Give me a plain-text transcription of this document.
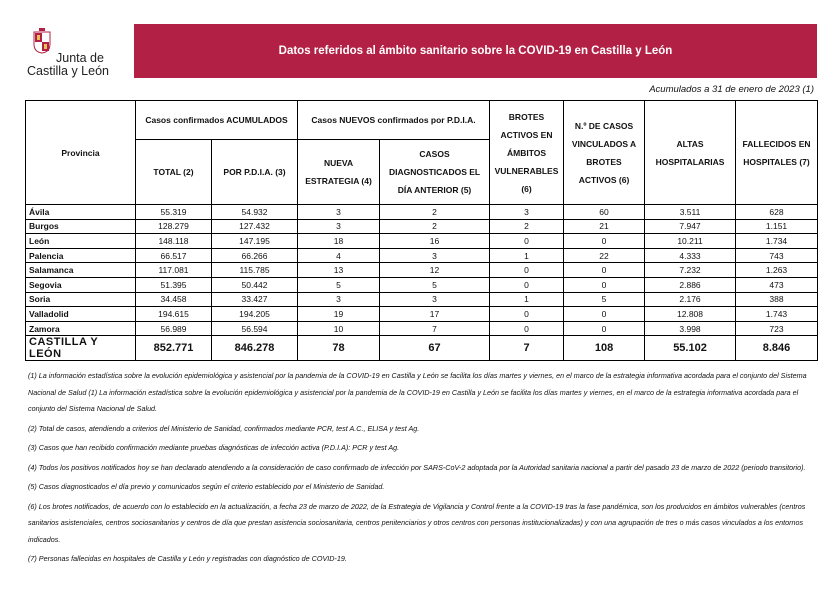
Junta de
Castilla y León
Datos referidos al ámbito sanitario sobre la COVID-19 en Castilla y León
Acumulados a 31 de enero de 2023 (1)
Provincia	Casos confirmados ACUMULADOS		Casos NUEVOS confirmados por P.D.I.A.		BROTES ACTIVOS EN ÁMBITOS VULNERABLES (6)	N.º DE CASOS VINCULADOS A BROTES ACTIVOS (6)	ALTAS HOSPITALARIAS	FALLECIDOS EN HOSPITALES (7)
	TOTAL (2)	POR P.D.I.A. (3)	NUEVA ESTRATEGIA (4)	CASOS DIAGNOSTICADOS EL DÍA ANTERIOR (5)				
Ávila	55.319	54.932	3	2	3	60	3.511	628
Burgos	128.279	127.432	3	2	2	21	7.947	1.151
León	148.118	147.195	18	16	0	0	10.211	1.734
Palencia	66.517	66.266	4	3	1	22	4.333	743
Salamanca	117.081	115.785	13	12	0	0	7.232	1.263
Segovia	51.395	50.442	5	5	0	0	2.886	473
Soria	34.458	33.427	3	3	1	5	2.176	388
Valladolid	194.615	194.205	19	17	0	0	12.808	1.743
Zamora	56.989	56.594	10	7	0	0	3.998	723
CASTILLA Y LEÓN	852.771	846.278	78	67	7	108	55.102	8.846

(1) La información estadística sobre la evolución epidemiológica y asistencial por la pandemia de la COVID-19 en Castilla y León se facilita los días martes y viernes, en el marco de la estrategia informativa acordada para el conjunto del Sistema Nacional de Salud (1) La información estadística sobre la evolución epidemiológica y asistencial por la pandemia de la COVID-19 en Castilla y León se facilita los días martes y viernes, en el marco de la estrategia informativa acordada para el conjunto del Sistema Nacional de Salud.

(2) Total de casos, atendiendo a criterios del Ministerio de Sanidad, confirmados mediante PCR, test A.C., ELISA y test Ag.

(3) Casos que han recibido confirmación mediante pruebas diagnósticas de infección activa (P.D.I.A): PCR y test Ag.

(4) Todos los positivos notificados hoy se han declarado atendiendo a la consideración de caso confirmado de infección por SARS-CoV-2 adoptada por la Autoridad sanitaria nacional a partir del pasado 23 de marzo de 2022 (periodo transitorio).

(5) Casos diagnosticados el día previo y comunicados según el criterio establecido por el Ministerio de Sanidad.

(6) Los brotes notificados, de acuerdo con lo establecido en la actualización, a fecha 23 de marzo de 2022, de la Estrategia de Vigilancia y Control frente a la COVID-19 tras la fase pandémica, son los producidos en ámbitos vulnerables (centros sanitarios asistenciales, centros sociosanitarios y centros de día que prestan asistencia sociosanitaria, centros penitenciarios y otros centros con personas institucionalizadas) y con una agrupación de tres o más casos vinculados a los entornos indicados.

(7) Personas fallecidas en hospitales de Castilla y León y registradas con diagnóstico de COVID-19.
